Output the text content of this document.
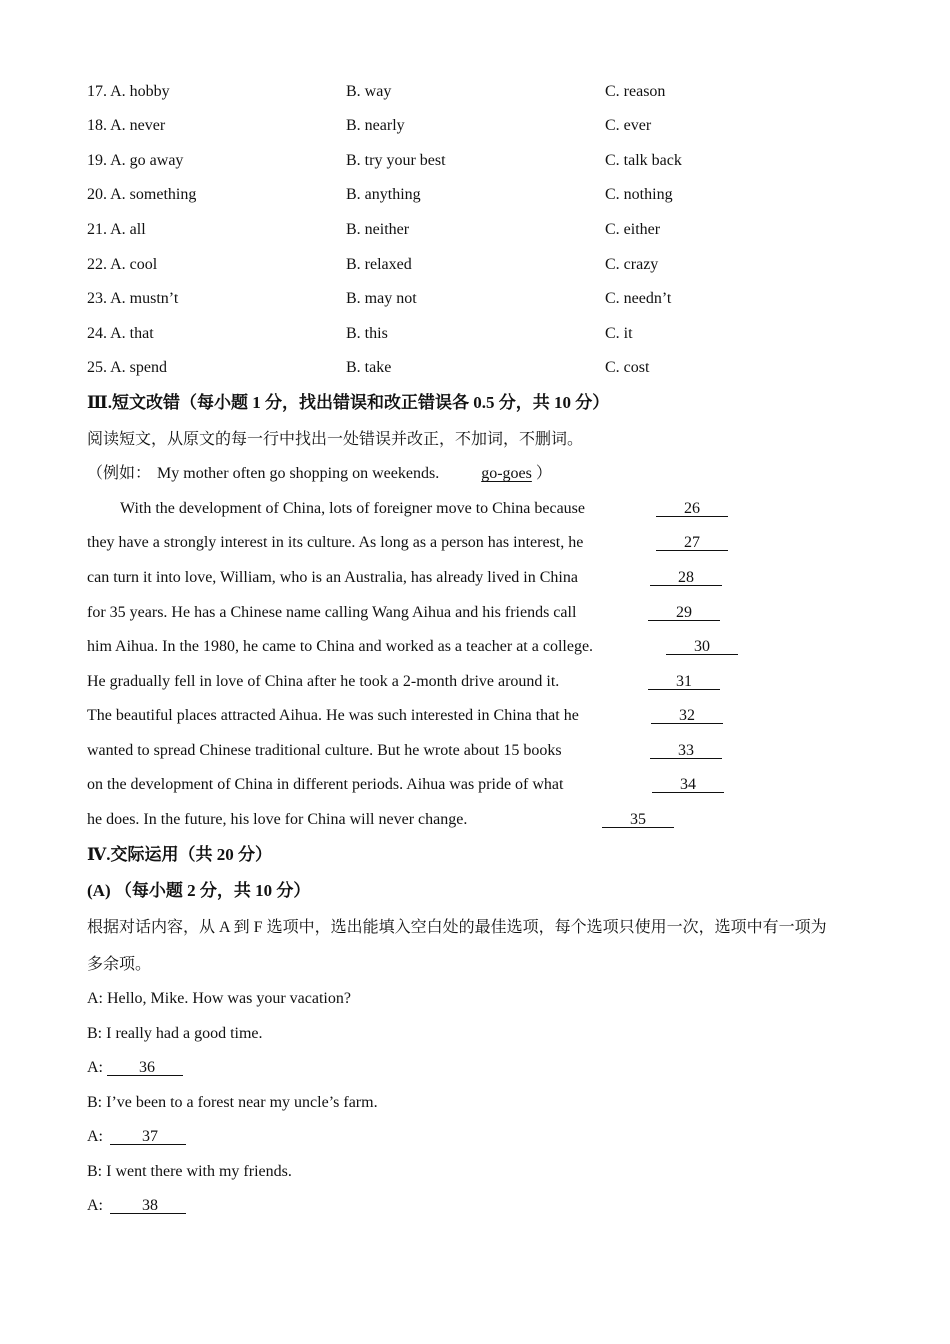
17. A. hobby	B. way	C. reason
18. A. never	B. nearly	C. ever
19. A. go away	B. try your best	C. talk back
20. A. something	B. anything	C. nothing
21. A. all	B. neither	C. either
22. A. cool	B. relaxed	C. crazy
23. A. mustn’t	B. may not	C. needn’t
24. A. that	B. this	C. it
25. A. spend	B. take	C. cost
Ⅲ.短文改错（每小题 1 分，找出错误和改正错误各 0.5 分，共 10 分）
阅读短文，从原文的每一行中找出一处错误并改正，不加词，不删词。
（例如： My mother often go shopping on weekends.	go-goes ）
With the development of China, lots of foreigner move to China because	26
they have a strongly interest in its culture. As long as a person has interest, he	27
can turn it into love, William, who is an Australia, has already lived in China	28
for 35 years. He has a Chinese name calling Wang Aihua and his friends call	29
him Aihua. In the 1980, he came to China and worked as a teacher at a college.	30
He gradually fell in love of China after he took a 2-month drive around it.	31
The beautiful places attracted Aihua. He was such interested in China that he	32
wanted to spread Chinese traditional culture. But he wrote about 15 books	33
on the development of China in different periods. Aihua was pride of what	34
he does. In the future, his love for China will never change.	35
Ⅳ.交际运用（共 20 分）
(A) （每小题 2 分，共 10 分）
根据对话内容，从 A 到 F 选项中，选出能填入空白处的最佳选项，每个选项只使用一次，选项中有一项为
多余项。
A: Hello, Mike. How was your vacation?
B: I really had a good time.
A:         36
B: I’ve been to a forest near my uncle’s farm.
A:         37
B: I went there with my friends.
A:         38
